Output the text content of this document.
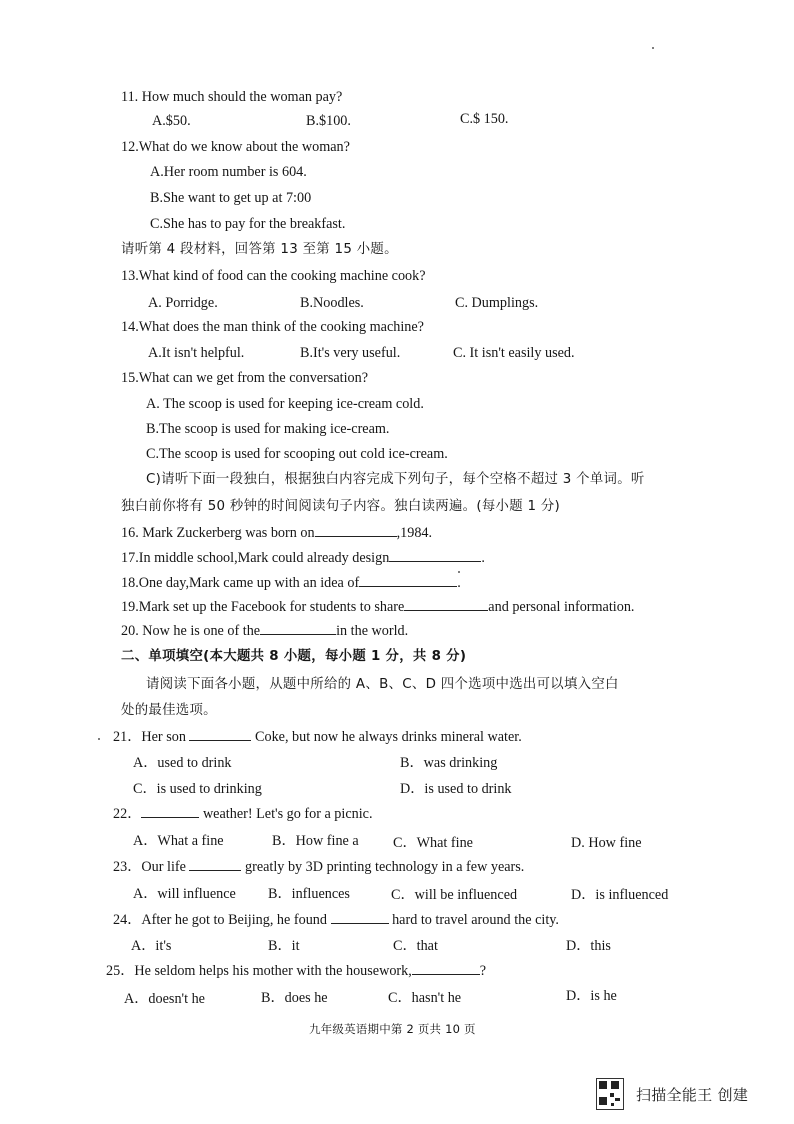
11. How much should the woman pay?
A.$50.	B.$100.	C.$ 150.
12.What do we know about the woman?
A.Her room number is 604.
B.She want to get up at 7:00
C.She has to pay for the breakfast.
请听第 4 段材料，回答第 13 至第 15 小题。
13.What kind of food can the cooking machine cook?
A. Porridge.	B.Noodles.	C. Dumplings.
14.What does the man think of the cooking machine?
A.It isn't helpful.	B.It's very useful.	C. It isn't easily used.
15.What can we get from the conversation?
A. The scoop is used for keeping ice-cream cold.
B.The scoop is used for making ice-cream.
C.The scoop is used for scooping out cold ice-cream.
C)请听下面一段独白，根据独白内容完成下列句子，每个空格不超过 3 个单词。听
独白前你将有 50 秒钟的时间阅读句子内容。独白读两遍。(每小题 1 分)
16. Mark Zuckerberg was born on	,1984.
17.In middle school,Mark could already design	.
18.One day,Mark came up with an idea of	.
19.Mark set up the Facebook for students to share	and personal information.
20. Now he is one of the	in the world.
二、单项填空(本大题共 8 小题，每小题 1 分，共 8 分)
请阅读下面各小题，从题中所给的 A、B、C、D 四个选项中选出可以填入空白
处的最佳选项。
21．Her son	Coke, but now he always drinks mineral water.
A．used to drink	B．was drinking
C．is used to drinking	D．is used to drink
22．	weather! Let's go for a picnic.
A．What a fine	B．How fine a C．What fine	D. How fine
23．Our life	greatly by 3D printing technology in a few years.
A．will influence B．influences	C．will be influenced	D．is influenced
24．After he got to Beijing, he found	hard to travel around the city.
A．it's	B．it	C．that	D．this
25．He seldom helps his mother with the housework,	?
A．doesn't he	B．does he	C．hasn't he	D．is he
九年级英语期中第 2 页共 10 页
扫描全能王 创建
